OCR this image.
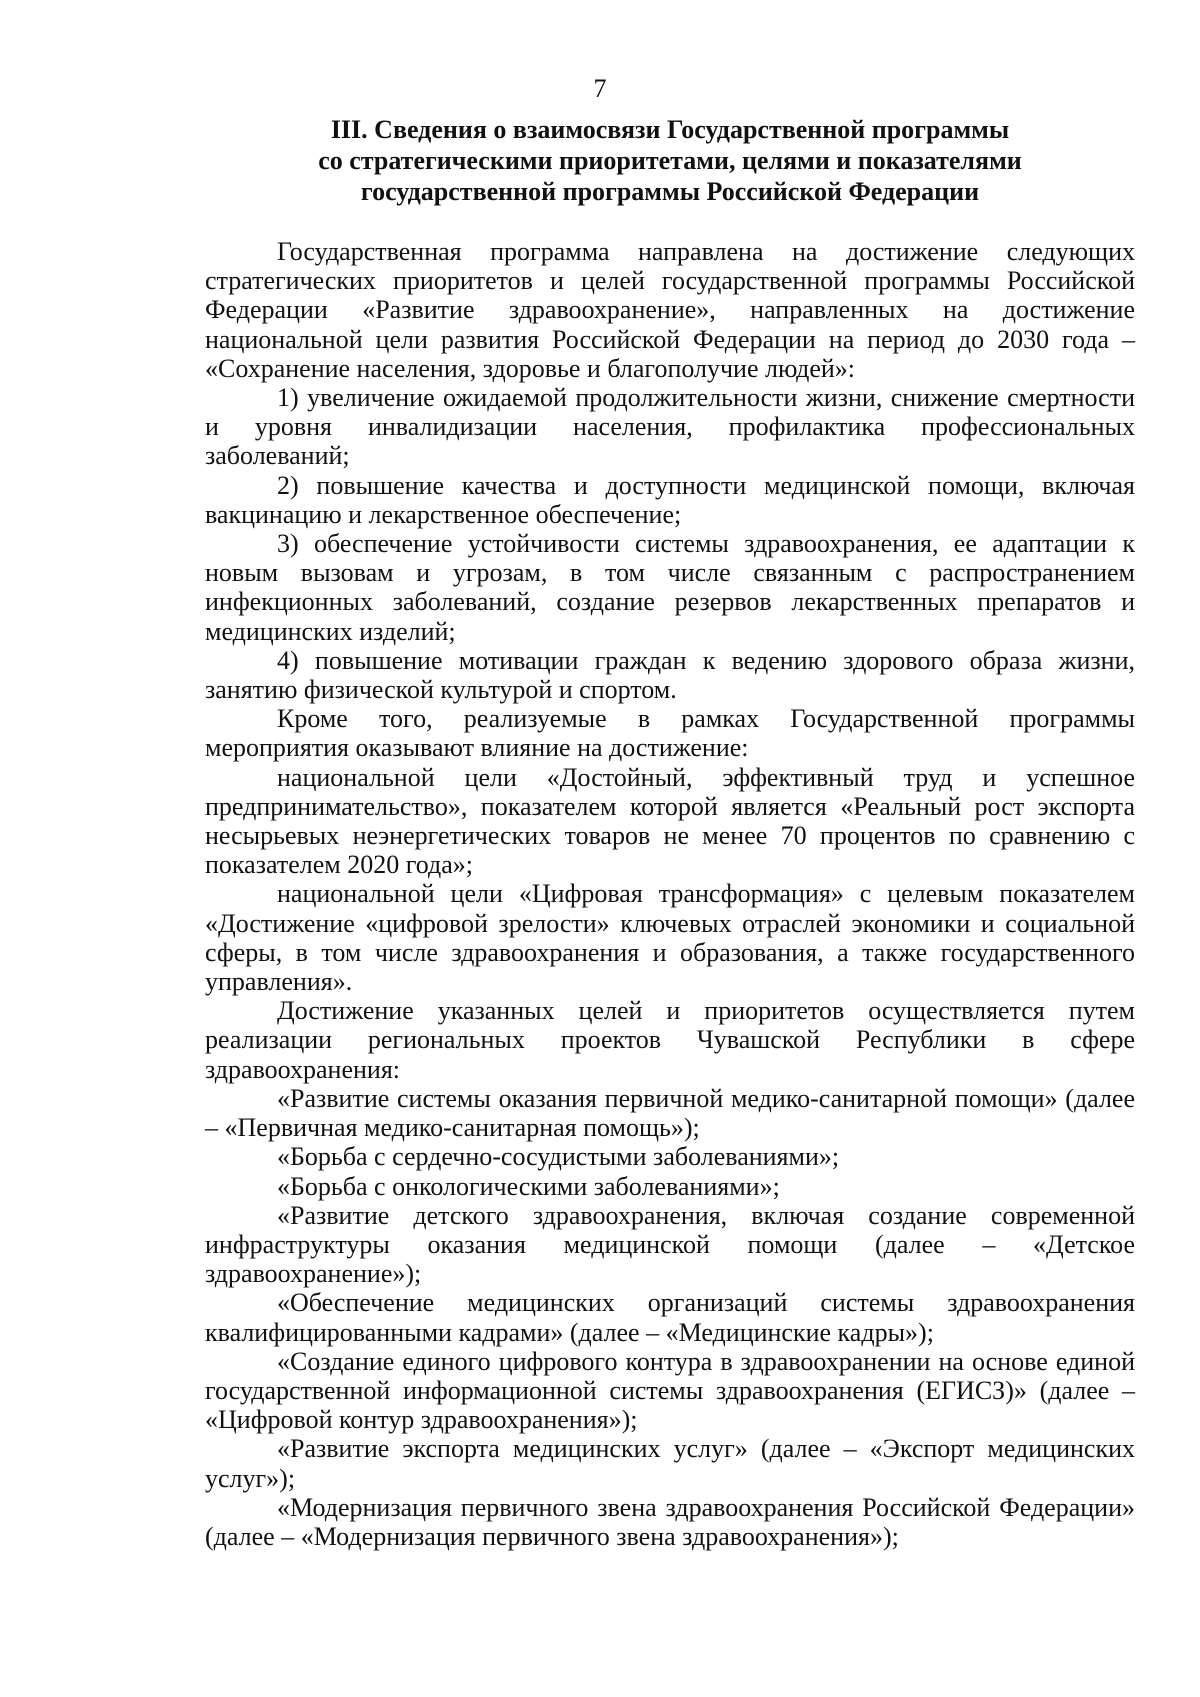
7
III. Сведения о взаимосвязи Государственной программы
со стратегическими приоритетами, целями и показателями
государственной программы Российской Федерации

Государственная программа направлена на достижение следующих стратегических приоритетов и целей государственной программы Российской Федерации «Развитие здравоохранение», направленных на достижение национальной цели развития Российской Федерации на период до 2030 года – «Сохранение населения, здоровье и благополучие людей»:

1) увеличение ожидаемой продолжительности жизни, снижение смертности и уровня инвалидизации населения, профилактика профессиональных заболеваний;

2) повышение качества и доступности медицинской помощи, включая вакцинацию и лекарственное обеспечение;

3) обеспечение устойчивости системы здравоохранения, ее адаптации к новым вызовам и угрозам, в том числе связанным с распространением инфекционных заболеваний, создание резервов лекарственных препаратов и медицинских изделий;

4) повышение мотивации граждан к ведению здорового образа жизни, занятию физической культурой и спортом.

Кроме того, реализуемые в рамках Государственной программы мероприятия оказывают влияние на достижение:

национальной цели «Достойный, эффективный труд и успешное предпринимательство», показателем которой является «Реальный рост экспорта несырьевых неэнергетических товаров не менее 70 процентов по сравнению с показателем 2020 года»;

национальной цели «Цифровая трансформация» с целевым показателем «Достижение «цифровой зрелости» ключевых отраслей экономики и социальной сферы, в том числе здравоохранения и образования, а также государственного управления».

Достижение указанных целей и приоритетов осуществляется путем реализации региональных проектов Чувашской Республики в сфере здравоохранения:

«Развитие системы оказания первичной медико-санитарной помощи» (далее – «Первичная медико-санитарная помощь»);

«Борьба с сердечно-сосудистыми заболеваниями»;

«Борьба с онкологическими заболеваниями»;

«Развитие детского здравоохранения, включая создание современной инфраструктуры оказания медицинской помощи (далее – «Детское здравоохранение»);

«Обеспечение медицинских организаций системы здравоохранения квалифицированными кадрами» (далее – «Медицинские кадры»);

«Создание единого цифрового контура в здравоохранении на основе единой государственной информационной системы здравоохранения (ЕГИСЗ)» (далее – «Цифровой контур здравоохранения»);

«Развитие экспорта медицинских услуг» (далее – «Экспорт медицинских услуг»);

«Модернизация первичного звена здравоохранения Российской Федерации» (далее – «Модернизация первичного звена здравоохранения»);
